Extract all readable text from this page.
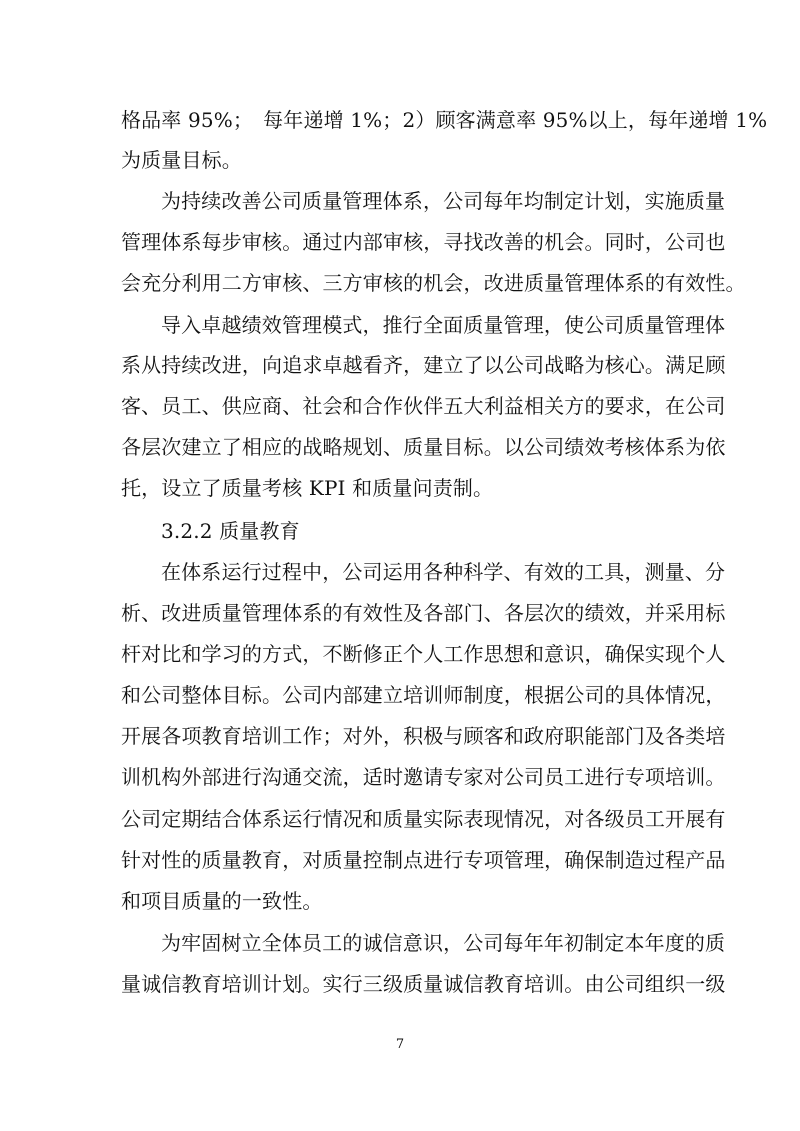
格品率 95%；　每年递增 1%；2）顾客满意率 95%以上，每年递增 1%
为质量目标。
为持续改善公司质量管理体系，公司每年均制定计划，实施质量
管理体系每步审核。通过内部审核，寻找改善的机会。同时，公司也
会充分利用二方审核、三方审核的机会，改进质量管理体系的有效性。
导入卓越绩效管理模式，推行全面质量管理，使公司质量管理体
系从持续改进，向追求卓越看齐，建立了以公司战略为核心。满足顾
客、员工、供应商、社会和合作伙伴五大利益相关方的要求，在公司
各层次建立了相应的战略规划、质量目标。以公司绩效考核体系为依
托，设立了质量考核 KPI 和质量问责制。
3.2.2 质量教育
在体系运行过程中，公司运用各种科学、有效的工具，测量、分
析、改进质量管理体系的有效性及各部门、各层次的绩效，并采用标
杆对比和学习的方式，不断修正个人工作思想和意识，确保实现个人
和公司整体目标。公司内部建立培训师制度，根据公司的具体情况，
开展各项教育培训工作；对外，积极与顾客和政府职能部门及各类培
训机构外部进行沟通交流，适时邀请专家对公司员工进行专项培训。
公司定期结合体系运行情况和质量实际表现情况，对各级员工开展有
针对性的质量教育，对质量控制点进行专项管理，确保制造过程产品
和项目质量的一致性。
为牢固树立全体员工的诚信意识，公司每年年初制定本年度的质
量诚信教育培训计划。实行三级质量诚信教育培训。由公司组织一级
7
